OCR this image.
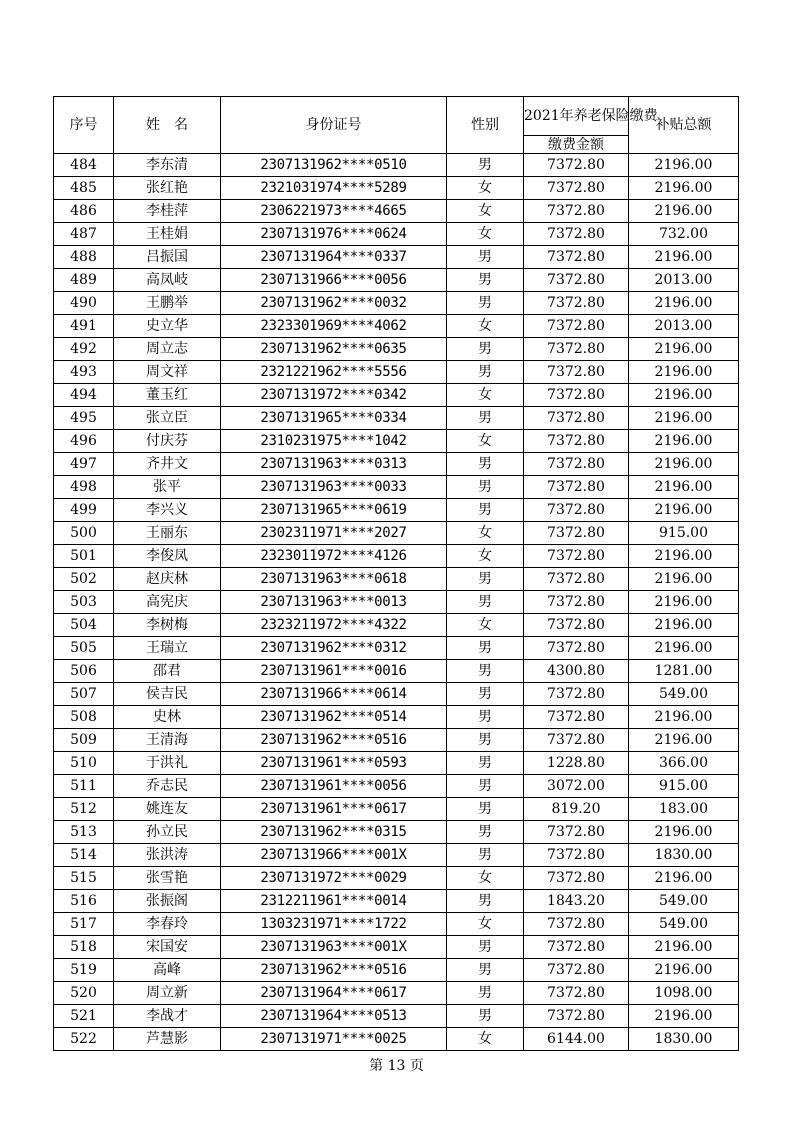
序号	姓　名	身份证号	性别	2021年养老保险缴费	补贴总额
				缴费金额	
484	李东清	2307131962****0510	男	7372.80	2196.00
485	张红艳	2321031974****5289	女	7372.80	2196.00
486	李桂萍	2306221973****4665	女	7372.80	2196.00
487	王桂娟	2307131976****0624	女	7372.80	732.00
488	吕振国	2307131964****0337	男	7372.80	2196.00
489	高凤岐	2307131966****0056	男	7372.80	2013.00
490	王鹏举	2307131962****0032	男	7372.80	2196.00
491	史立华	2323301969****4062	女	7372.80	2013.00
492	周立志	2307131962****0635	男	7372.80	2196.00
493	周文祥	2321221962****5556	男	7372.80	2196.00
494	董玉红	2307131972****0342	女	7372.80	2196.00
495	张立臣	2307131965****0334	男	7372.80	2196.00
496	付庆芬	2310231975****1042	女	7372.80	2196.00
497	齐井文	2307131963****0313	男	7372.80	2196.00
498	张平	2307131963****0033	男	7372.80	2196.00
499	李兴义	2307131965****0619	男	7372.80	2196.00
500	王丽东	2302311971****2027	女	7372.80	915.00
501	李俊凤	2323011972****4126	女	7372.80	2196.00
502	赵庆林	2307131963****0618	男	7372.80	2196.00
503	高宪庆	2307131963****0013	男	7372.80	2196.00
504	李树梅	2323211972****4322	女	7372.80	2196.00
505	王瑞立	2307131962****0312	男	7372.80	2196.00
506	邵君	2307131961****0016	男	4300.80	1281.00
507	侯吉民	2307131966****0614	男	7372.80	549.00
508	史林	2307131962****0514	男	7372.80	2196.00
509	王清海	2307131962****0516	男	7372.80	2196.00
510	于洪礼	2307131961****0593	男	1228.80	366.00
511	乔志民	2307131961****0056	男	3072.00	915.00
512	姚连友	2307131961****0617	男	819.20	183.00
513	孙立民	2307131962****0315	男	7372.80	2196.00
514	张洪涛	2307131966****001X	男	7372.80	1830.00
515	张雪艳	2307131972****0029	女	7372.80	2196.00
516	张振阁	2312211961****0014	男	1843.20	549.00
517	李春玲	1303231971****1722	女	7372.80	549.00
518	宋国安	2307131963****001X	男	7372.80	2196.00
519	高峰	2307131962****0516	男	7372.80	2196.00
520	周立新	2307131964****0617	男	7372.80	1098.00
521	李战才	2307131964****0513	男	7372.80	2196.00
522	芦慧影	2307131971****0025	女	6144.00	1830.00
第 13 页
